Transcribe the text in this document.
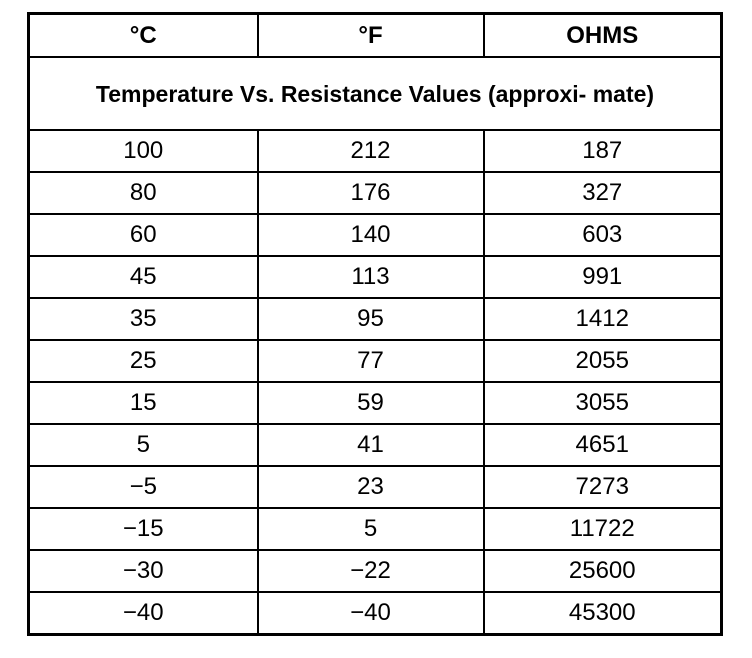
°C	°F	OHMS
Temperature Vs. Resistance Values (approxi- mate)		
100	212	187
80	176	327
60	140	603
45	113	991
35	95	1412
25	77	2055
15	59	3055
5	41	4651
−5	23	7273
−15	5	11722
−30	−22	25600
−40	−40	45300
